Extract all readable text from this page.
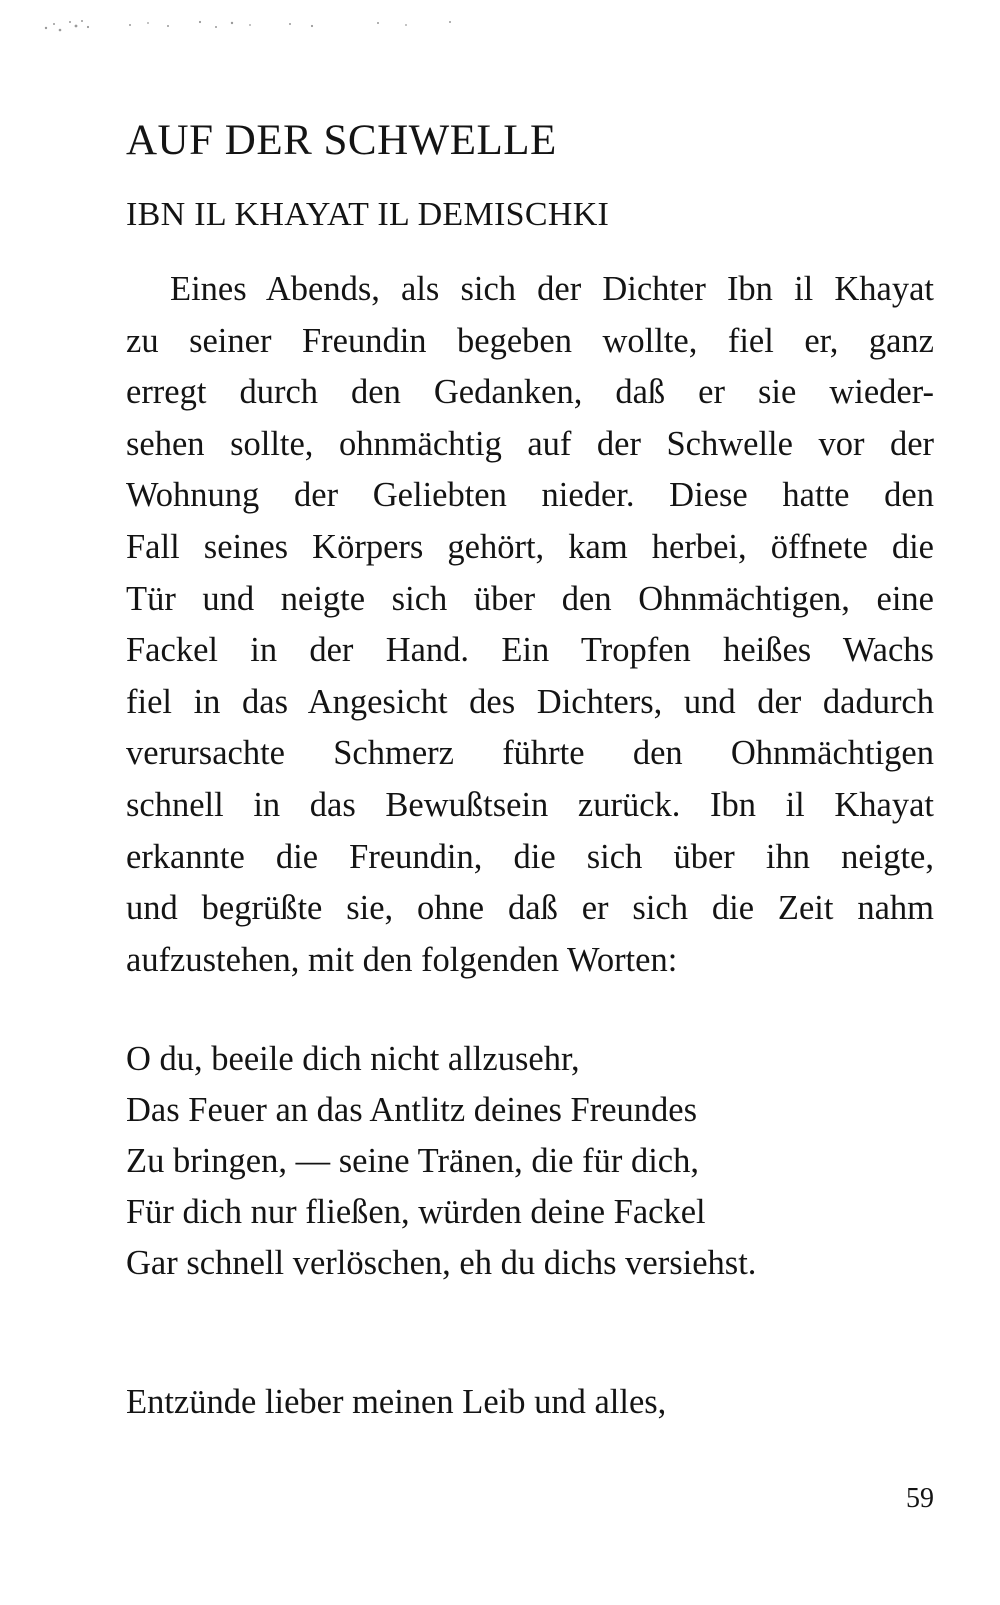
AUF DER SCHWELLE
IBN IL KHAYAT IL DEMISCHKI
Eines Abends, als sich der Dichter Ibn il Khayat
zu seiner Freundin begeben wollte, fiel er, ganz
erregt durch den Gedanken, daß er sie wieder-
sehen sollte, ohnmächtig auf der Schwelle vor der
Wohnung der Geliebten nieder. Diese hatte den
Fall seines Körpers gehört, kam herbei, öffnete die
Tür und neigte sich über den Ohnmächtigen, eine
Fackel in der Hand. Ein Tropfen heißes Wachs
fiel in das Angesicht des Dichters, und der dadurch
verursachte Schmerz führte den Ohnmächtigen
schnell in das Bewußtsein zurück. Ibn il Khayat
erkannte die Freundin, die sich über ihn neigte,
und begrüßte sie, ohne daß er sich die Zeit nahm
aufzustehen, mit den folgenden Worten:
O du, beeile dich nicht allzusehr,
Das Feuer an das Antlitz deines Freundes
Zu bringen, — seine Tränen, die für dich,
Für dich nur fließen, würden deine Fackel
Gar schnell verlöschen, eh du dichs versiehst.
Entzünde lieber meinen Leib und alles,
59
